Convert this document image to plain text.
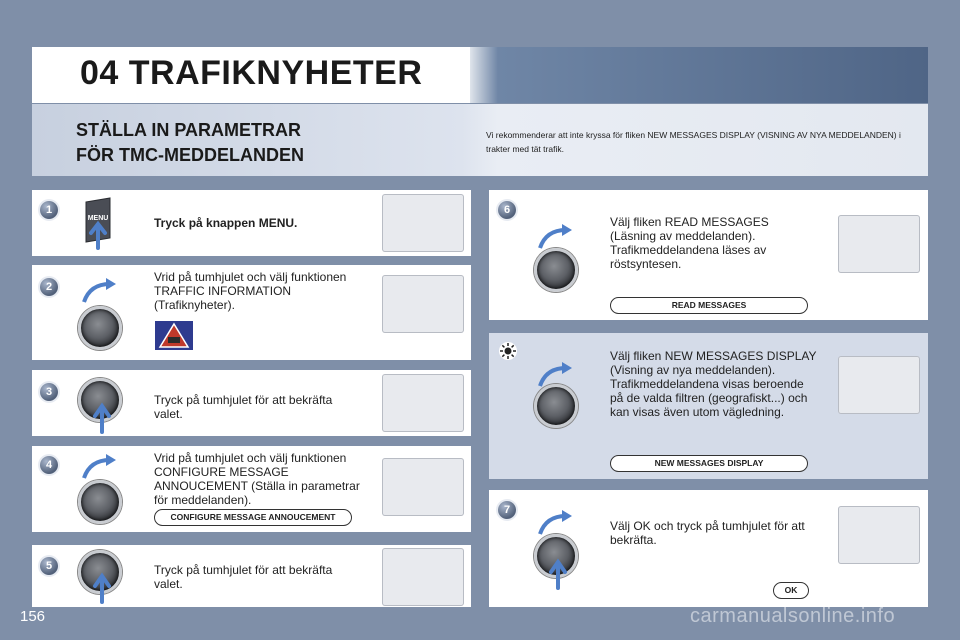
04 TRAFIKNYHETER
STÄLLA IN PARAMETRAR
FÖR TMC-MEDDELANDEN
Vi rekommenderar att inte kryssa för fliken NEW MESSAGES DISPLAY (VISNING AV NYA MEDDELANDEN) i trakter med tät trafik.
1
MENU	Tryck på knappen MENU.
2
Vrid på tumhjulet och välj funktionen TRAFFIC INFORMATION (Trafiknyheter).
3
Tryck på tumhjulet för att bekräfta valet.
4	Vrid på tumhjulet och välj funktionen CONFIGURE MESSAGE ANNOUCEMENT (Ställa in parametrar för meddelanden).
CONFIGURE MESSAGE ANNOUCEMENT
5	Tryck på tumhjulet för att bekräfta valet.
6
Välj fliken READ MESSAGES (Läsning av meddelanden). Trafikmeddelandena läses av röstsyntesen.
READ MESSAGES
Välj fliken NEW MESSAGES DISPLAY (Visning av nya meddelanden). Trafikmeddelandena visas beroende på de valda filtren (geografiskt...) och kan visas även utom vägledning.
NEW MESSAGES DISPLAY
7
Välj OK och tryck på tumhjulet för att bekräfta.
OK
156	carmanualsonline.info
